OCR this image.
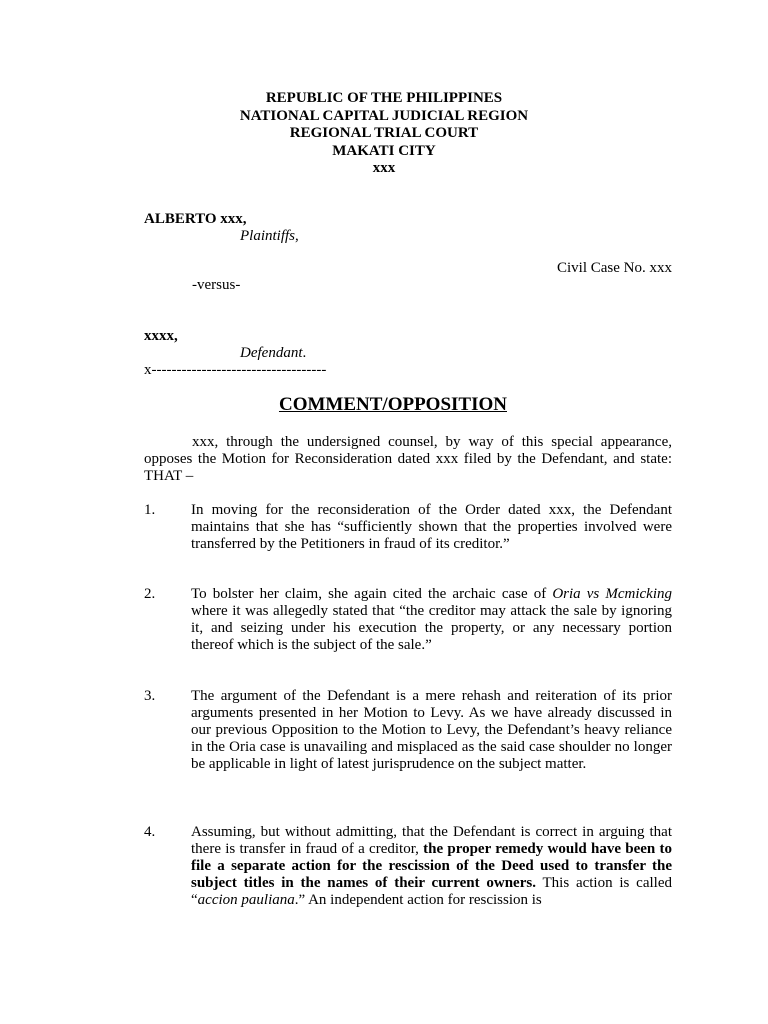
REPUBLIC OF THE PHILIPPINES
NATIONAL CAPITAL JUDICIAL REGION
REGIONAL TRIAL COURT
MAKATI CITY
xxx
ALBERTO xxx,
Plaintiffs,
Civil Case No. xxx
-versus-
xxxx,
Defendant.
x-----------------------------------
COMMENT/OPPOSITION
xxx, through the undersigned counsel, by way of this special appearance, opposes the Motion for Reconsideration dated xxx filed by the Defendant, and state: THAT –
1. In moving for the reconsideration of the Order dated xxx, the Defendant maintains that she has “sufficiently shown that the properties involved were transferred by the Petitioners in fraud of its creditor.”
2. To bolster her claim, she again cited the archaic case of Oria vs Mcmicking where it was allegedly stated that “the creditor may attack the sale by ignoring it, and seizing under his execution the property, or any necessary portion thereof which is the subject of the sale.”
3. The argument of the Defendant is a mere rehash and reiteration of its prior arguments presented in her Motion to Levy. As we have already discussed in our previous Opposition to the Motion to Levy, the Defendant’s heavy reliance in the Oria case is unavailing and misplaced as the said case shoulder no longer be applicable in light of latest jurisprudence on the subject matter.
4. Assuming, but without admitting, that the Defendant is correct in arguing that there is transfer in fraud of a creditor, the proper remedy would have been to file a separate action for the rescission of the Deed used to transfer the subject titles in the names of their current owners. This action is called “accion pauliana.” An independent action for rescission is
